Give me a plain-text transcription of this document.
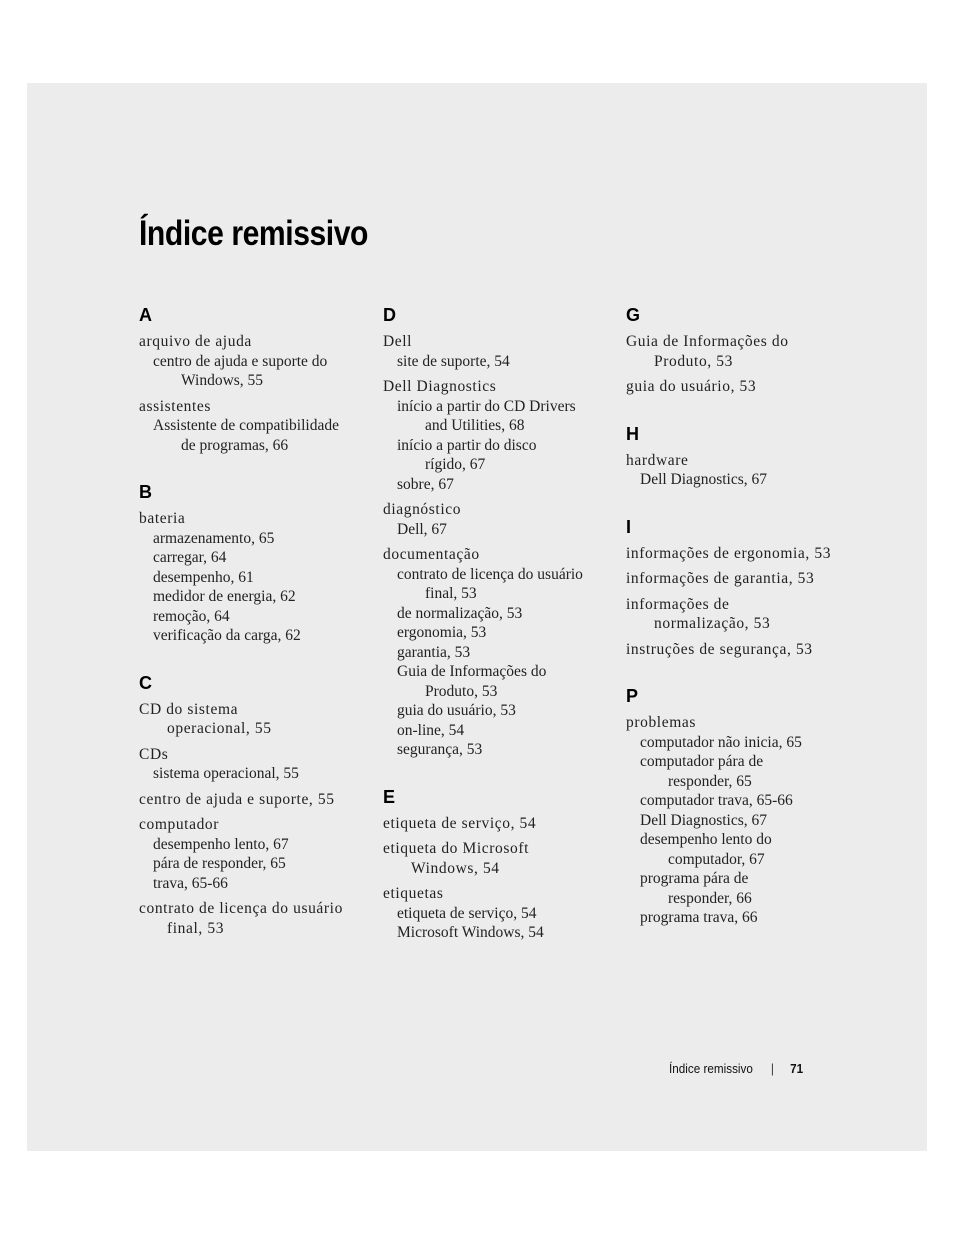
Índice remissivo
A
arquivo de ajuda
centro de ajuda e suporte do
Windows, 55
assistentes
Assistente de compatibilidade
de programas, 66
B
bateria
armazenamento, 65
carregar, 64
desempenho, 61
medidor de energia, 62
remoção, 64
verificação da carga, 62
C
CD do sistema
operacional, 55
CDs
sistema operacional, 55
centro de ajuda e suporte, 55
computador
desempenho lento, 67
pára de responder, 65
trava, 65-66
contrato de licença do usuário
final, 53
D
Dell
site de suporte, 54
Dell Diagnostics
início a partir do CD Drivers
and Utilities, 68
início a partir do disco
rígido, 67
sobre, 67
diagnóstico
Dell, 67
documentação
contrato de licença do usuário
final, 53
de normalização, 53
ergonomia, 53
garantia, 53
Guia de Informações do
Produto, 53
guia do usuário, 53
on-line, 54
segurança, 53
E
etiqueta de serviço, 54
etiqueta do Microsoft
Windows, 54
etiquetas
etiqueta de serviço, 54
Microsoft Windows, 54
G
Guia de Informações do
Produto, 53
guia do usuário, 53
H
hardware
Dell Diagnostics, 67
I
informações de ergonomia, 53
informações de garantia, 53
informações de
normalização, 53
instruções de segurança, 53
P
problemas
computador não inicia, 65
computador pára de
responder, 65
computador trava, 65-66
Dell Diagnostics, 67
desempenho lento do
computador, 67
programa pára de
responder, 66
programa trava, 66
Índice remissivo | 71
